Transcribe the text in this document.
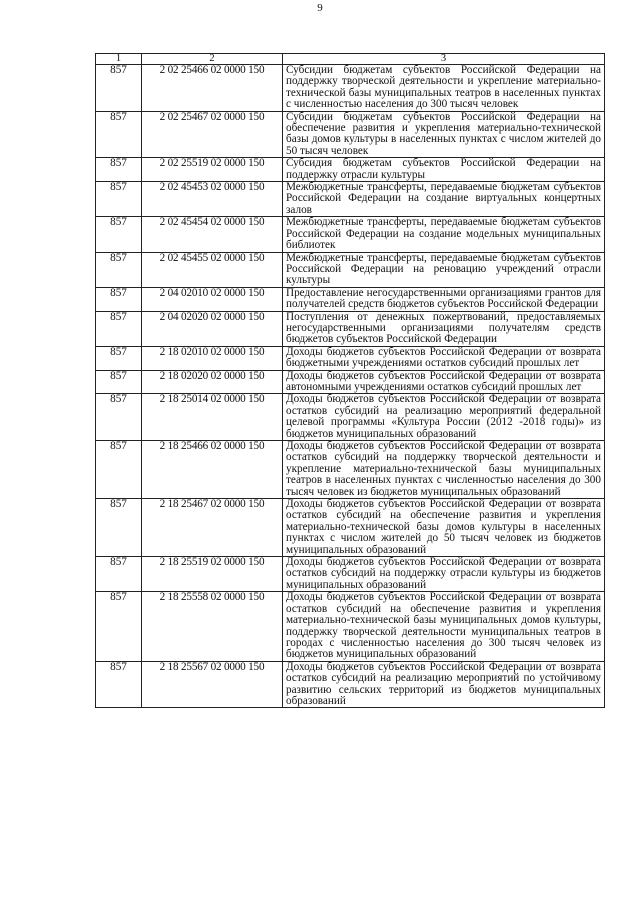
9
1	2	3
857	2 02 25466 02 0000 150	Субсидии бюджетам субъектов Российской Федерации на поддержку творческой деятельности и укрепление материально-технической базы муниципальных театров в населенных пунктах с численностью населения до 300 тысяч человек
857	2 02 25467 02 0000 150	Субсидии бюджетам субъектов Российской Федерации на обеспечение развития и укрепления материально-технической базы домов культуры в населенных пунктах с числом жителей до 50 тысяч человек
857	2 02 25519 02 0000 150	Субсидия бюджетам субъектов Российской Федерации на поддержку отрасли культуры
857	2 02 45453 02 0000 150	Межбюджетные трансферты, передаваемые бюджетам субъектов Российской Федерации на создание виртуальных концертных залов
857	2 02 45454 02 0000 150	Межбюджетные трансферты, передаваемые бюджетам субъектов Российской Федерации на создание модельных муниципальных библиотек
857	2 02 45455 02 0000 150	Межбюджетные трансферты, передаваемые бюджетам субъектов Российской Федерации на реновацию учреждений отрасли культуры
857	2 04 02010 02 0000 150	Предоставление негосударственными организациями грантов для получателей средств бюджетов субъектов Российской Федерации
857	2 04 02020 02 0000 150	Поступления от денежных пожертвований, предоставляемых негосударственными организациями получателям средств бюджетов субъектов Российской Федерации
857	2 18 02010 02 0000 150	Доходы бюджетов субъектов Российской Федерации от возврата бюджетными учреждениями остатков субсидий прошлых лет
857	2 18 02020 02 0000 150	Доходы бюджетов субъектов Российской Федерации от возврата автономными учреждениями остатков субсидий прошлых лет
857	2 18 25014 02 0000 150	Доходы бюджетов субъектов Российской Федерации от возврата остатков субсидий на реализацию мероприятий федеральной целевой программы «Культура России (2012 -2018 годы)» из бюджетов муниципальных образований
857	2 18 25466 02 0000 150	Доходы бюджетов субъектов Российской Федерации от возврата остатков субсидий на поддержку творческой деятельности и укрепление материально-технической базы муниципальных театров в населенных пунктах с численностью населения до 300 тысяч человек из бюджетов муниципальных образований
857	2 18 25467 02 0000 150	Доходы бюджетов субъектов Российской Федерации от возврата остатков субсидий на обеспечение развития и укрепления материально-технической базы домов культуры в населенных пунктах с числом жителей до 50 тысяч человек из бюджетов муниципальных образований
857	2 18 25519 02 0000 150	Доходы бюджетов субъектов Российской Федерации от возврата остатков субсидий на поддержку отрасли культуры из бюджетов муниципальных образований
857	2 18 25558 02 0000 150	Доходы бюджетов субъектов Российской Федерации от возврата остатков субсидий на обеспечение развития и укрепления материально-технической базы муниципальных домов культуры, поддержку творческой деятельности муниципальных театров в городах с численностью населения до 300 тысяч человек из бюджетов муниципальных образований
857	2 18 25567 02 0000 150	Доходы бюджетов субъектов Российской Федерации от возврата остатков субсидий на реализацию мероприятий по устойчивому развитию сельских территорий из бюджетов муниципальных образований
